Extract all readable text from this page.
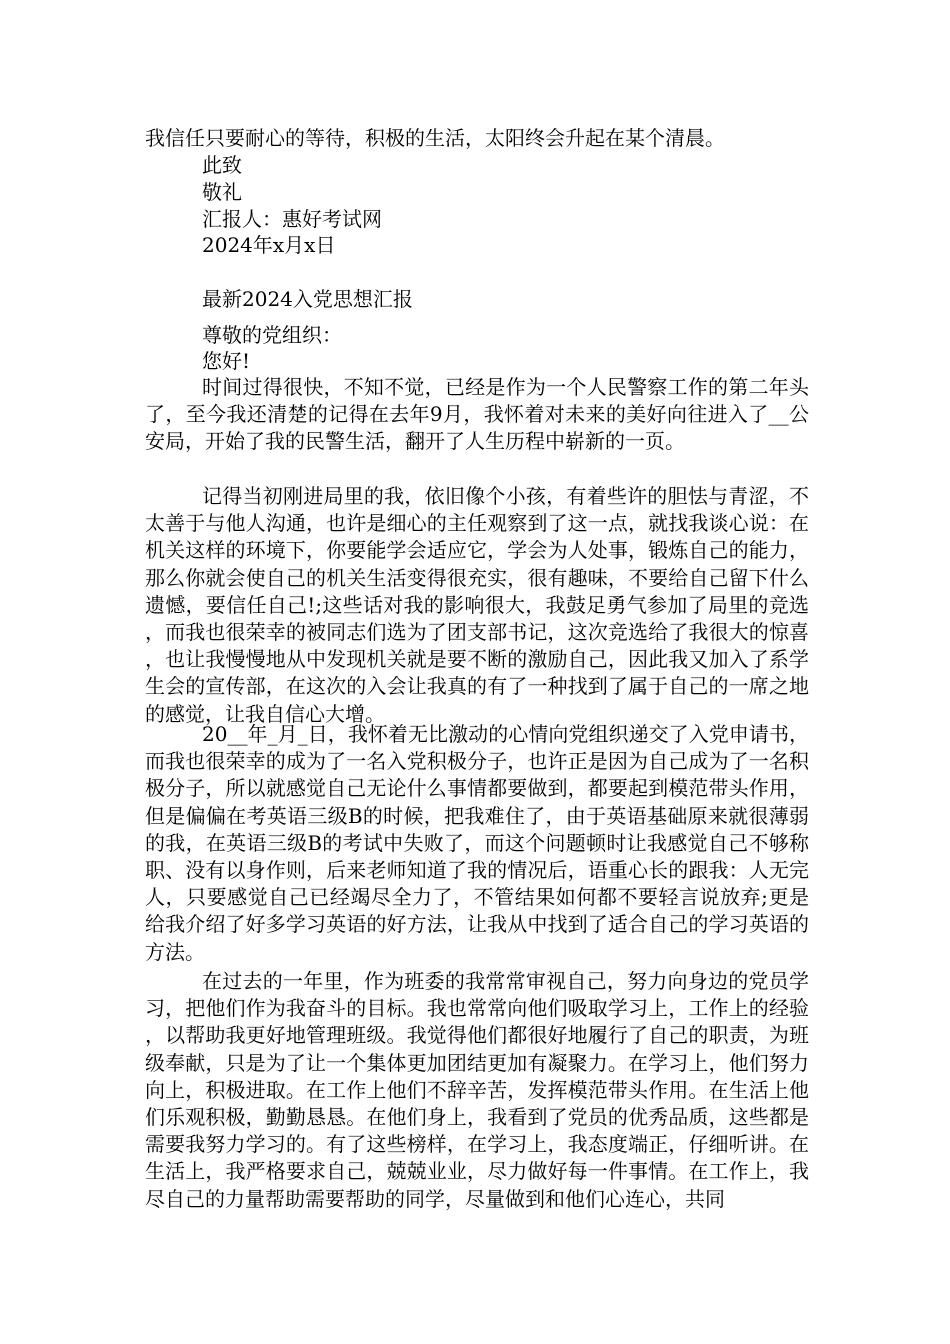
我信任只要耐心的等待，积极的生活，太阳终会升起在某个清晨。
此致
敬礼
汇报人：惠好考试网
2024年x月x日
最新2024入党思想汇报
尊敬的党组织：
您好!

时间过得很快，不知不觉，已经是作为一个人民警察工作的第二年头了，至今我还清楚的记得在去年9月，我怀着对未来的美好向往进入了__公安局，开始了我的民警生活，翻开了人生历程中崭新的一页。

记得当初刚进局里的我，依旧像个小孩，有着些许的胆怯与青涩，不太善于与他人沟通，也许是细心的主任观察到了这一点，就找我谈心说：在机关这样的环境下，你要能学会适应它，学会为人处事，锻炼自己的能力，那么你就会使自己的机关生活变得很充实，很有趣味，不要给自己留下什么遗憾，要信任自己!;这些话对我的影响很大，我鼓足勇气参加了局里的竞选，而我也很荣幸的被同志们选为了团支部书记，这次竞选给了我很大的惊喜，也让我慢慢地从中发现机关就是要不断的激励自己，因此我又加入了系学生会的宣传部，在这次的入会让我真的有了一种找到了属于自己的一席之地的感觉，让我自信心大增。

20__年_月_日，我怀着无比激动的心情向党组织递交了入党申请书，而我也很荣幸的成为了一名入党积极分子，也许正是因为自己成为了一名积极分子，所以就感觉自己无论什么事情都要做到，都要起到模范带头作用，但是偏偏在考英语三级B的时候，把我难住了，由于英语基础原来就很薄弱的我，在英语三级B的考试中失败了，而这个问题顿时让我感觉自己不够称职、没有以身作则，后来老师知道了我的情况后，语重心长的跟我：人无完人，只要感觉自己已经竭尽全力了，不管结果如何都不要轻言说放弃;更是给我介绍了好多学习英语的好方法，让我从中找到了适合自己的学习英语的方法。

在过去的一年里，作为班委的我常常审视自己，努力向身边的党员学习，把他们作为我奋斗的目标。我也常常向他们吸取学习上，工作上的经验，以帮助我更好地管理班级。我觉得他们都很好地履行了自己的职责，为班级奉献，只是为了让一个集体更加团结更加有凝聚力。在学习上，他们努力向上，积极进取。在工作上他们不辞辛苦，发挥模范带头作用。在生活上他们乐观积极，勤勤恳恳。在他们身上，我看到了党员的优秀品质，这些都是需要我努力学习的。有了这些榜样，在学习上，我态度端正，仔细听讲。在生活上，我严格要求自己，兢兢业业，尽力做好每一件事情。在工作上，我尽自己的力量帮助需要帮助的同学，尽量做到和他们心连心，共同
